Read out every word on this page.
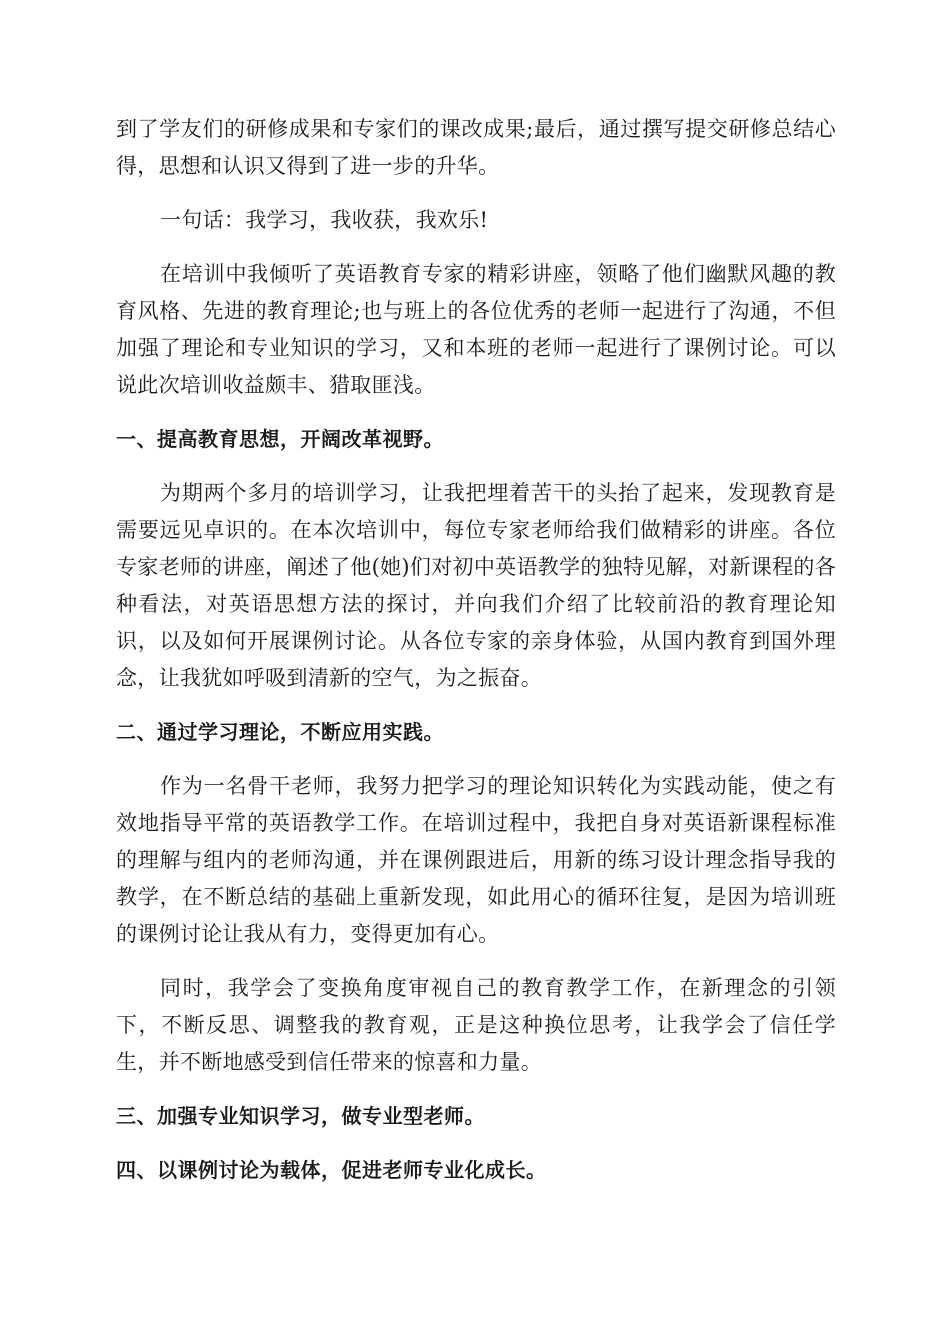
到了学友们的研修成果和专家们的课改成果;最后，通过撰写提交研修总结心得，思想和认识又得到了进一步的升华。

一句话：我学习，我收获，我欢乐!

在培训中我倾听了英语教育专家的精彩讲座，领略了他们幽默风趣的教育风格、先进的教育理论;也与班上的各位优秀的老师一起进行了沟通，不但加强了理论和专业知识的学习，又和本班的老师一起进行了课例讨论。可以说此次培训收益颇丰、猎取匪浅。

一、提高教育思想，开阔改革视野。

为期两个多月的培训学习，让我把埋着苦干的头抬了起来，发现教育是需要远见卓识的。在本次培训中，每位专家老师给我们做精彩的讲座。各位专家老师的讲座，阐述了他(她)们对初中英语教学的独特见解，对新课程的各种看法，对英语思想方法的探讨，并向我们介绍了比较前沿的教育理论知识，以及如何开展课例讨论。从各位专家的亲身体验，从国内教育到国外理念，让我犹如呼吸到清新的空气，为之振奋。

二、通过学习理论，不断应用实践。

作为一名骨干老师，我努力把学习的理论知识转化为实践动能，使之有效地指导平常的英语教学工作。在培训过程中，我把自身对英语新课程标准的理解与组内的老师沟通，并在课例跟进后，用新的练习设计理念指导我的教学，在不断总结的基础上重新发现，如此用心的循环往复，是因为培训班的课例讨论让我从有力，变得更加有心。

同时，我学会了变换角度审视自己的教育教学工作，在新理念的引领下，不断反思、调整我的教育观，正是这种换位思考，让我学会了信任学生，并不断地感受到信任带来的惊喜和力量。

三、加强专业知识学习，做专业型老师。

四、以课例讨论为载体，促进老师专业化成长。
